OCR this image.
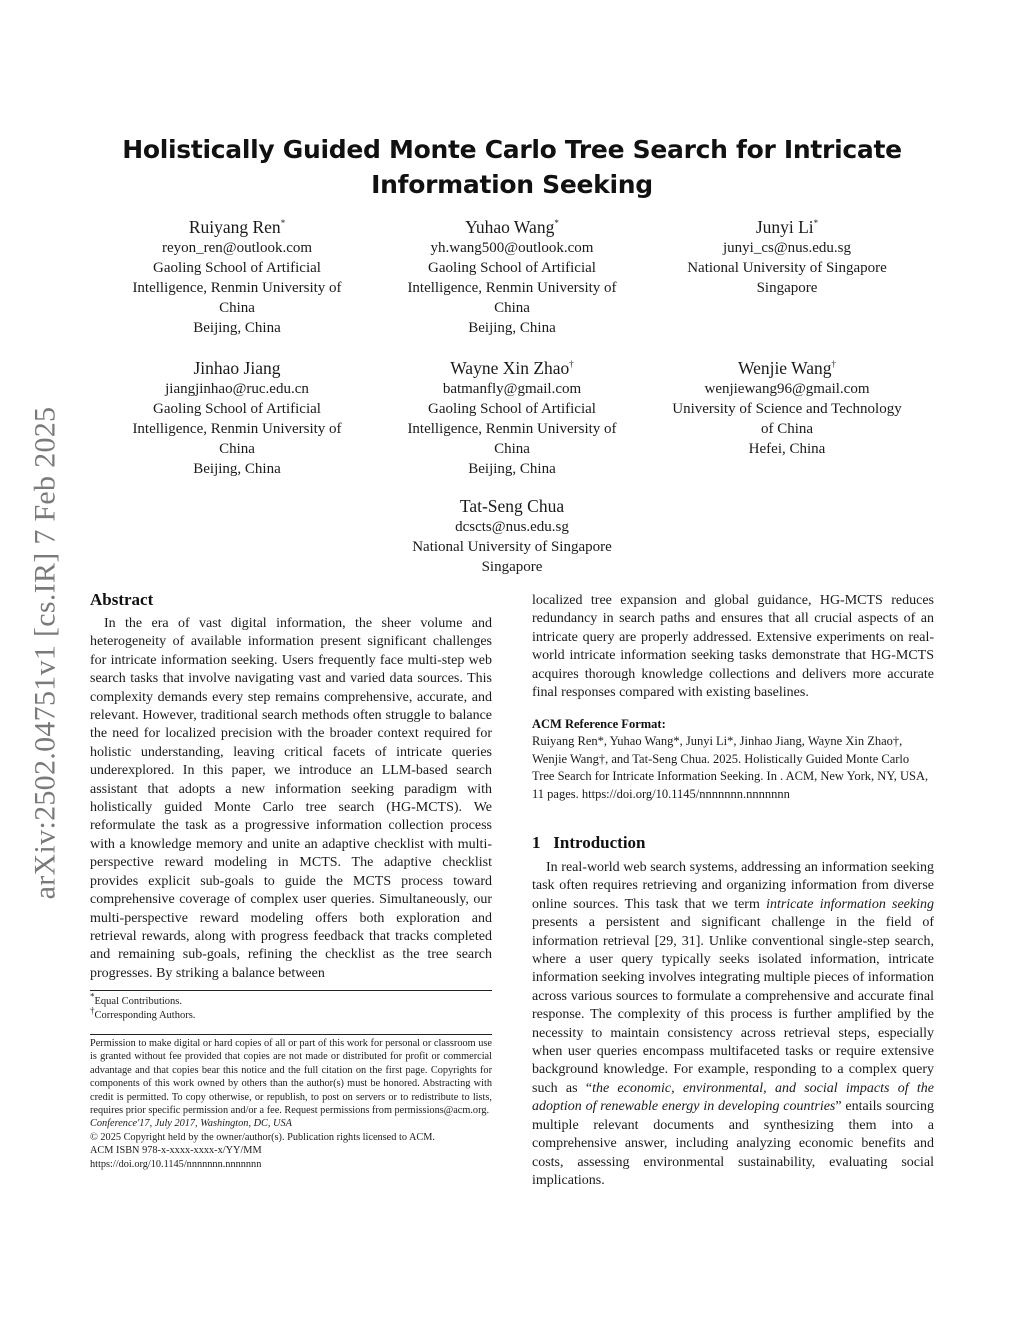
arXiv:2502.04751v1 [cs.IR] 7 Feb 2025
Holistically Guided Monte Carlo Tree Search for Intricate Information Seeking
Ruiyang Ren*
reyon_ren@outlook.com
Gaoling School of Artificial
Intelligence, Renmin University of
China
Beijing, China
Yuhao Wang*
yh.wang500@outlook.com
Gaoling School of Artificial
Intelligence, Renmin University of
China
Beijing, China
Junyi Li*
junyi_cs@nus.edu.sg
National University of Singapore
Singapore
Jinhao Jiang
jiangjinhao@ruc.edu.cn
Gaoling School of Artificial
Intelligence, Renmin University of
China
Beijing, China
Wayne Xin Zhao†
batmanfly@gmail.com
Gaoling School of Artificial
Intelligence, Renmin University of
China
Beijing, China
Wenjie Wang†
wenjiewang96@gmail.com
University of Science and Technology
of China
Hefei, China
Tat-Seng Chua
dcscts@nus.edu.sg
National University of Singapore
Singapore
Abstract
In the era of vast digital information, the sheer volume and heterogeneity of available information present significant challenges for intricate information seeking. Users frequently face multi-step web search tasks that involve navigating vast and varied data sources. This complexity demands every step remains comprehensive, accurate, and relevant. However, traditional search methods often struggle to balance the need for localized precision with the broader context required for holistic understanding, leaving critical facets of intricate queries underexplored. In this paper, we introduce an LLM-based search assistant that adopts a new information seeking paradigm with holistically guided Monte Carlo tree search (HG-MCTS). We reformulate the task as a progressive information collection process with a knowledge memory and unite an adaptive checklist with multi-perspective reward modeling in MCTS. The adaptive checklist provides explicit sub-goals to guide the MCTS process toward comprehensive coverage of complex user queries. Simultaneously, our multi-perspective reward modeling offers both exploration and retrieval rewards, along with progress feedback that tracks completed and remaining sub-goals, refining the checklist as the tree search progresses. By striking a balance between
*Equal Contributions.
†Corresponding Authors.
Permission to make digital or hard copies of all or part of this work for personal or classroom use is granted without fee provided that copies are not made or distributed for profit or commercial advantage and that copies bear this notice and the full citation on the first page. Copyrights for components of this work owned by others than the author(s) must be honored. Abstracting with credit is permitted. To copy otherwise, or republish, to post on servers or to redistribute to lists, requires prior specific permission and/or a fee. Request permissions from permissions@acm.org.
Conference'17, July 2017, Washington, DC, USA
© 2025 Copyright held by the owner/author(s). Publication rights licensed to ACM.
ACM ISBN 978-x-xxxx-xxxx-x/YY/MM
https://doi.org/10.1145/nnnnnnn.nnnnnnn
localized tree expansion and global guidance, HG-MCTS reduces redundancy in search paths and ensures that all crucial aspects of an intricate query are properly addressed. Extensive experiments on real-world intricate information seeking tasks demonstrate that HG-MCTS acquires thorough knowledge collections and delivers more accurate final responses compared with existing baselines.
ACM Reference Format:
Ruiyang Ren*, Yuhao Wang*, Junyi Li*, Jinhao Jiang, Wayne Xin Zhao†, Wenjie Wang†, and Tat-Seng Chua. 2025. Holistically Guided Monte Carlo Tree Search for Intricate Information Seeking. In . ACM, New York, NY, USA, 11 pages. https://doi.org/10.1145/nnnnnnn.nnnnnnn
1 Introduction
In real-world web search systems, addressing an information seeking task often requires retrieving and organizing information from diverse online sources. This task that we term intricate information seeking presents a persistent and significant challenge in the field of information retrieval [29, 31]. Unlike conventional single-step search, where a user query typically seeks isolated information, intricate information seeking involves integrating multiple pieces of information across various sources to formulate a comprehensive and accurate final response. The complexity of this process is further amplified by the necessity to maintain consistency across retrieval steps, especially when user queries encompass multifaceted tasks or require extensive background knowledge. For example, responding to a complex query such as “the economic, environmental, and social impacts of the adoption of renewable energy in developing countries” entails sourcing multiple relevant documents and synthesizing them into a comprehensive answer, including analyzing economic benefits and costs, assessing environmental sustainability, evaluating social implications.
